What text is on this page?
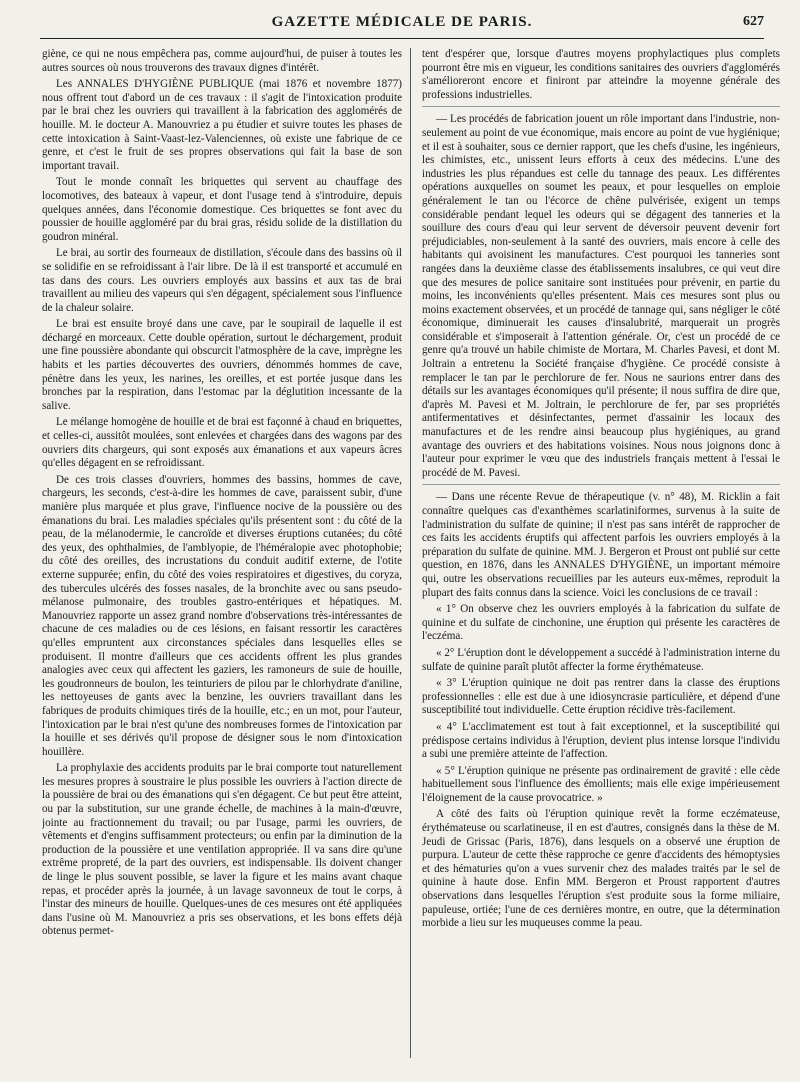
GAZETTE MÉDICALE DE PARIS.	627

giène, ce qui ne nous empêchera pas, comme aujourd'hui, de puiser à toutes les autres sources où nous trouverons des travaux dignes d'intérêt.

Les ANNALES D'HYGIÈNE PUBLIQUE (mai 1876 et novembre 1877) nous offrent tout d'abord un de ces travaux : il s'agit de l'intoxication produite par le brai chez les ouvriers qui travaillent à la fabrication des agglomérés de houille. M. le docteur A. Manouvriez a pu étudier et suivre toutes les phases de cette intoxication à Saint-Vaast-lez-Valenciennes, où existe une fabrique de ce genre, et c'est le fruit de ses propres observations qui fait la base de son important travail.

Tout le monde connaît les briquettes qui servent au chauffage des locomotives, des bateaux à vapeur, et dont l'usage tend à s'introduire, depuis quelques années, dans l'économie domestique. Ces briquettes se font avec du poussier de houille aggloméré par du brai gras, résidu solide de la distillation du goudron minéral.

Le brai, au sortir des fourneaux de distillation, s'écoule dans des bassins où il se solidifie en se refroidissant à l'air libre. De là il est transporté et accumulé en tas dans des cours. Les ouvriers employés aux bassins et aux tas de brai travaillent au milieu des vapeurs qui s'en dégagent, spécialement sous l'influence de la chaleur solaire.

Le brai est ensuite broyé dans une cave, par le soupirail de laquelle il est déchargé en morceaux. Cette double opération, surtout le déchargement, produit une fine poussière abondante qui obscurcit l'atmosphère de la cave, imprègne les habits et les parties découvertes des ouvriers, dénommés hommes de cave, pénètre dans les yeux, les narines, les oreilles, et est portée jusque dans les bronches par la respiration, dans l'estomac par la déglutition incessante de la salive.

Le mélange homogène de houille et de brai est façonné à chaud en briquettes, et celles-ci, aussitôt moulées, sont enlevées et chargées dans des wagons par des ouvriers dits chargeurs, qui sont exposés aux émanations et aux vapeurs âcres qu'elles dégagent en se refroidissant.

De ces trois classes d'ouvriers, hommes des bassins, hommes de cave, chargeurs, les seconds, c'est-à-dire les hommes de cave, paraissent subir, d'une manière plus marquée et plus grave, l'influence nocive de la poussière ou des émanations du brai. Les maladies spéciales qu'ils présentent sont : du côté de la peau, de la mélanodermie, le cancroïde et diverses éruptions cutanées; du côté des yeux, des ophthalmies, de l'amblyopie, de l'héméralopie avec photophobie; du côté des oreilles, des incrustations du conduit auditif externe, de l'otite externe suppurée; enfin, du côté des voies respiratoires et digestives, du coryza, des tubercules ulcérés des fosses nasales, de la bronchite avec ou sans pseudo-mélanose pulmonaire, des troubles gastro-entériques et hépatiques. M. Manouvriez rapporte un assez grand nombre d'observations très-intéressantes de chacune de ces maladies ou de ces lésions, en faisant ressortir les caractères qu'elles empruntent aux circonstances spéciales dans lesquelles elles se produisent. Il montre d'ailleurs que ces accidents offrent les plus grandes analogies avec ceux qui affectent les gaziers, les ramoneurs de suie de houille, les goudronneurs de boulon, les teinturiers de pilou par le chlorhydrate d'aniline, les nettoyeuses de gants avec la benzine, les ouvriers travaillant dans les fabriques de produits chimiques tirés de la houille, etc.; en un mot, pour l'auteur, l'intoxication par le brai n'est qu'une des nombreuses formes de l'intoxication par la houille et ses dérivés qu'il propose de désigner sous le nom d'intoxication houillère.

La prophylaxie des accidents produits par le brai comporte tout naturellement les mesures propres à soustraire le plus possible les ouvriers à l'action directe de la poussière de brai ou des émanations qui s'en dégagent. Ce but peut être atteint, ou par la substitution, sur une grande échelle, de machines à la main-d'œuvre, jointe au fractionnement du travail; ou par l'usage, parmi les ouvriers, de vêtements et d'engins suffisamment protecteurs; ou enfin par la diminution de la production de la poussière et une ventilation appropriée. Il va sans dire qu'une extrême propreté, de la part des ouvriers, est indispensable. Ils doivent changer de linge le plus souvent possible, se laver la figure et les mains avant chaque repas, et procéder après la journée, à un lavage savonneux de tout le corps, à l'instar des mineurs de houille. Quelques-unes de ces mesures ont été appliquées dans l'usine où M. Manouvriez a pris ses observations, et les bons effets déjà obtenus permet-

tent d'espérer que, lorsque d'autres moyens prophylactiques plus complets pourront être mis en vigueur, les conditions sanitaires des ouvriers d'agglomérés s'amélioreront encore et finiront par atteindre la moyenne générale des professions industrielles.

— Les procédés de fabrication jouent un rôle important dans l'industrie, non-seulement au point de vue économique, mais encore au point de vue hygiénique; et il est à souhaiter, sous ce dernier rapport, que les chefs d'usine, les ingénieurs, les chimistes, etc., unissent leurs efforts à ceux des médecins. L'une des industries les plus répandues est celle du tannage des peaux. Les différentes opérations auxquelles on soumet les peaux, et pour lesquelles on emploie généralement le tan ou l'écorce de chêne pulvérisée, exigent un temps considérable pendant lequel les odeurs qui se dégagent des tanneries et la souillure des cours d'eau qui leur servent de déversoir peuvent devenir fort préjudiciables, non-seulement à la santé des ouvriers, mais encore à celle des habitants qui avoisinent les manufactures. C'est pourquoi les tanneries sont rangées dans la deuxième classe des établissements insalubres, ce qui veut dire que des mesures de police sanitaire sont instituées pour prévenir, en partie du moins, les inconvénients qu'elles présentent. Mais ces mesures sont plus ou moins exactement observées, et un procédé de tannage qui, sans négliger le côté économique, diminuerait les causes d'insalubrité, marquerait un progrès considérable et s'imposerait à l'attention générale. Or, c'est un procédé de ce genre qu'a trouvé un habile chimiste de Mortara, M. Charles Pavesi, et dont M. Joltrain a entretenu la Société française d'hygiène. Ce procédé consiste à remplacer le tan par le perchlorure de fer. Nous ne saurions entrer dans des détails sur les avantages économiques qu'il présente; il nous suffira de dire que, d'après M. Pavesi et M. Joltrain, le perchlorure de fer, par ses propriétés antifermentatives et désinfectantes, permet d'assainir les locaux des manufactures et de les rendre ainsi beaucoup plus hygiéniques, au grand avantage des ouvriers et des habitations voisines. Nous nous joignons donc à l'auteur pour exprimer le vœu que des industriels français mettent à l'essai le procédé de M. Pavesi.

— Dans une récente Revue de thérapeutique (v. n° 48), M. Ricklin a fait connaître quelques cas d'exanthèmes scarlatiniformes, survenus à la suite de l'administration du sulfate de quinine; il n'est pas sans intérêt de rapprocher de ces faits les accidents éruptifs qui affectent parfois les ouvriers employés à la préparation du sulfate de quinine. MM. J. Bergeron et Proust ont publié sur cette question, en 1876, dans les ANNALES D'HYGIÈNE, un important mémoire qui, outre les observations recueillies par les auteurs eux-mêmes, reproduit la plupart des faits connus dans la science. Voici les conclusions de ce travail :

« 1° On observe chez les ouvriers employés à la fabrication du sulfate de quinine et du sulfate de cinchonine, une éruption qui présente les caractères de l'eczéma.

« 2° L'éruption dont le développement a succédé à l'administration interne du sulfate de quinine paraît plutôt affecter la forme érythémateuse.

« 3° L'éruption quinique ne doit pas rentrer dans la classe des éruptions professionnelles : elle est due à une idiosyncrasie particulière, et dépend d'une susceptibilité tout individuelle. Cette éruption récidive très-facilement.

« 4° L'acclimatement est tout à fait exceptionnel, et la susceptibilité qui prédispose certains individus à l'éruption, devient plus intense lorsque l'individu a subi une première atteinte de l'affection.

« 5° L'éruption quinique ne présente pas ordinairement de gravité : elle cède habituellement sous l'influence des émollients; mais elle exige impérieusement l'éloignement de la cause provocatrice. »

A côté des faits où l'éruption quinique revêt la forme eczémateuse, érythémateuse ou scarlatineuse, il en est d'autres, consignés dans la thèse de M. Jeudi de Grissac (Paris, 1876), dans lesquels on a observé une éruption de purpura. L'auteur de cette thèse rapproche ce genre d'accidents des hémoptysies et des hématuries qu'on a vues survenir chez des malades traités par le sel de quinine à haute dose. Enfin MM. Bergeron et Proust rapportent d'autres observations dans lesquelles l'éruption s'est produite sous la forme miliaire, papuleuse, ortiée; l'une de ces dernières montre, en outre, que la détermination morbide a lieu sur les muqueuses comme la peau.
